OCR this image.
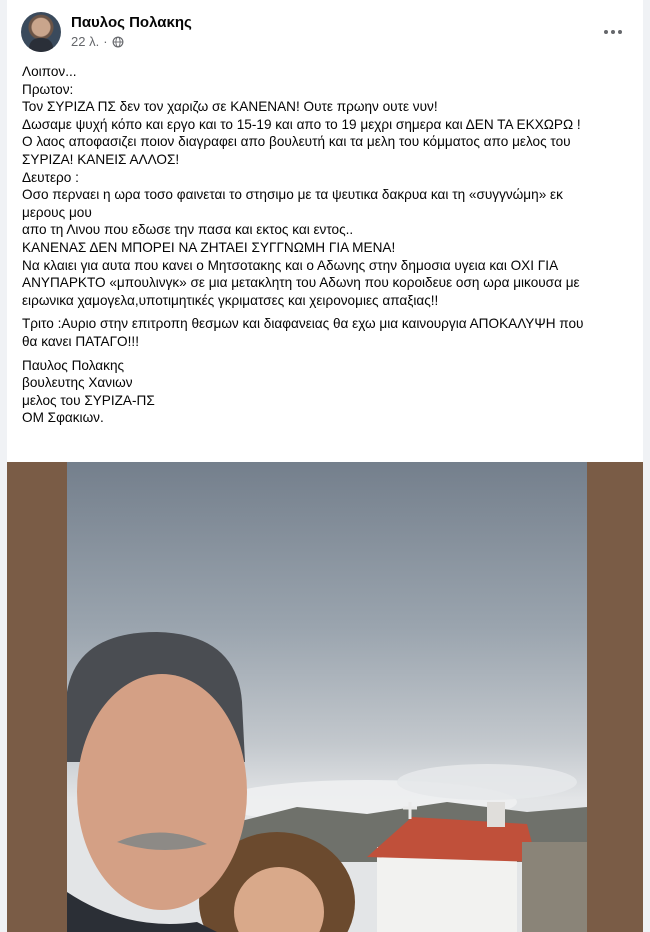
Παυλος Πολακης
22 λ. ·

Λοιπον...

Πρωτον:

Τον ΣΥΡΙΖΑ ΠΣ δεν τον χαριζω σε ΚΑΝΕΝΑΝ! Ουτε πρωην ουτε νυν!

Δωσαμε ψυχή κόπο και εργο και το 15-19 και απο το 19 μεχρι σημερα και ΔΕΝ ΤΑ ΕΚΧΩΡΩ !

Ο λαος αποφασιζει ποιον διαγραφει απο βουλευτή και τα μελη του κόμματος απο μελος του

ΣΥΡΙΖΑ! ΚΑΝΕΙΣ ΑΛΛΟΣ!

Δευτερο :

Οσο περναει η ωρα τοσο φαινεται το στησιμο με τα ψευτικα δακρυα και τη «συγγνώμη» εκ

μερους μου

απο τη Λινου που εδωσε την πασα και εκτος και εντος..

ΚΑΝΕΝΑΣ ΔΕΝ ΜΠΟΡΕΙ ΝΑ ΖΗΤΑΕΙ ΣΥΓΓΝΩΜΗ ΓΙΑ ΜΕΝΑ!

Να κλαιει για αυτα που κανει ο Μητσοτακης και ο Αδωνης στην δημοσια υγεια και ΟΧΙ ΓΙΑ

ΑΝΥΠΑΡΚΤΟ «μπουλινγκ» σε μια μετακλητη του Αδωνη που κοροιδευε οση ωρα μικουσα με

ειρωνικα χαμογελα,υποτιμητικές γκριματσες και χειρονομιες απαξιας!!

Τριτο :Αυριο στην επιτροπη θεσμων και διαφανειας θα εχω μια καινουργια ΑΠΟΚΑΛΥΨΗ που

θα κανει ΠΑΤΑΓΟ!!!

Παυλος Πολακης

βουλευτης Χανιων

μελος του ΣΥΡΙΖΑ-ΠΣ

ΟΜ Σφακιων.
